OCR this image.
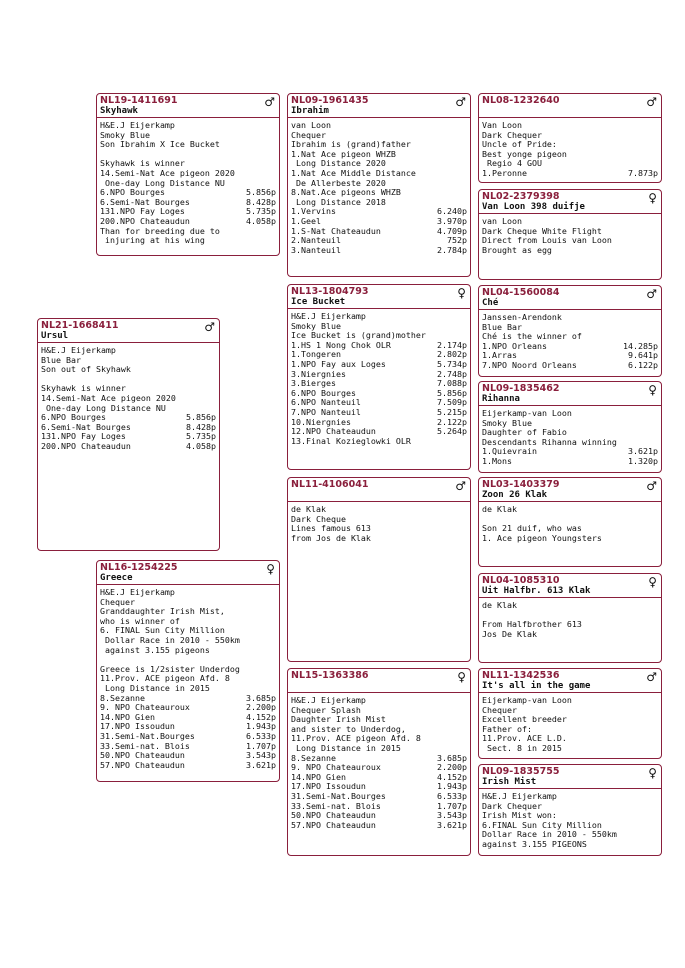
NL19-1411691
Skyhawk
♂
H&E.J Eijerkamp
Smoky Blue
Son Ibrahim X Ice Bucket
Skyhawk is winner
14.Semi-Nat Ace pigeon 2020
One-day Long Distance NU
6.NPO Bourges	5.856p
6.Semi-Nat Bourges	8.428p
131.NPO Fay Loges	5.735p
200.NPO Chateaudun	4.058p
Than for breeding due to
injuring at his wing
NL21-1668411
Ursul
♂
H&E.J Eijerkamp
Blue Bar
Son out of Skyhawk
Skyhawk is winner
14.Semi-Nat Ace pigeon 2020
One-day Long Distance NU
6.NPO Bourges	5.856p
6.Semi-Nat Bourges	8.428p
131.NPO Fay Loges	5.735p
200.NPO Chateaudun	4.058p
NL16-1254225
Greece
♀
H&E.J Eijerkamp
Chequer
Granddaughter Irish Mist,
who is winner of
6. FINAL Sun City Million
Dollar Race in 2010 - 550km
against 3.155 pigeons
Greece is 1/2sister Underdog
11.Prov. ACE pigeon Afd. 8
Long Distance in 2015
8.Sezanne	3.685p
9. NPO Chateauroux	2.200p
14.NPO Gien	4.152p
17.NPO Issoudun	1.943p
31.Semi-Nat.Bourges	6.533p
33.Semi-nat. Blois	1.707p
50.NPO Chateaudun	3.543p
57.NPO Chateaudun	3.621p
NL09-1961435
Ibrahim
♂
van Loon
Chequer
Ibrahim is (grand)father
1.Nat Ace pigeon WHZB
Long Distance 2020
1.Nat Ace Middle Distance
De Allerbeste 2020
8.Nat.Ace pigeons WHZB
Long Distance 2018
1.Vervins	6.240p
1.Geel	3.970p
1.S-Nat Chateaudun	4.709p
2.Nanteuil	752p
3.Nanteuil	2.784p
NL13-1804793
Ice Bucket
♀
H&E.J Eijerkamp
Smoky Blue
Ice Bucket is (grand)mother
1.HS 1 Nong Chok OLR	2.174p
1.Tongeren	2.802p
1.NPO Fay aux Loges	5.734p
3.Niergnies	2.748p
3.Bierges	7.088p
6.NPO Bourges	5.856p
6.NPO Nanteuil	7.509p
7.NPO Nanteuil	5.215p
10.Niergnies	2.122p
12.NPO Chateaudun	5.264p
13.Final Kozieglowki OLR
NL11-4106041
	♂
de Klak
Dark Cheque
Lines famous 613
from Jos de Klak
NL15-1363386
	♀
H&E.J Eijerkamp
Chequer Splash
Daughter Irish Mist
and sister to Underdog,
11.Prov. ACE pigeon Afd. 8
Long Distance in 2015
8.Sezanne	3.685p
9. NPO Chateauroux	2.200p
14.NPO Gien	4.152p
17.NPO Issoudun	1.943p
31.Semi-Nat.Bourges	6.533p
33.Semi-nat. Blois	1.707p
50.NPO Chateaudun	3.543p
57.NPO Chateaudun	3.621p
NL08-1232640
	♂
Van Loon
Dark Chequer
Uncle of Pride:
Best yonge pigeon
Regio 4 GOU
1.Peronne	7.873p
NL02-2379398
Van Loon 398 duifje
♀
van Loon
Dark Cheque White Flight
Direct from Louis van Loon
Brought as egg
NL04-1560084
Ché
♂
Janssen-Arendonk
Blue Bar
Ché is the winner of
1.NPO Orleans	14.285p
1.Arras	9.641p
7.NPO Noord Orleans	6.122p
NL09-1835462
Rihanna
♀
Eijerkamp-van Loon
Smoky Blue
Daughter of Fabio
Descendants Rihanna winning
1.Quievrain	3.621p
1.Mons	1.320p
NL03-1403379
Zoon 26 Klak
♂
de Klak
Son 21 duif, who was
1. Ace pigeon Youngsters
NL04-1085310
Uit Halfbr. 613 Klak
♀
de Klak
From Halfbrother 613
Jos De Klak
NL11-1342536
It's all in the game
♂
Eijerkamp-van Loon
Chequer
Excellent breeder
Father of:
11.Prov. ACE L.D.
Sect. 8 in 2015
NL09-1835755
Irish Mist
♀
H&E.J Eijerkamp
Dark Chequer
Irish Mist won:
6.FINAL Sun City Million
Dollar Race in 2010 - 550km
against 3.155 PIGEONS
